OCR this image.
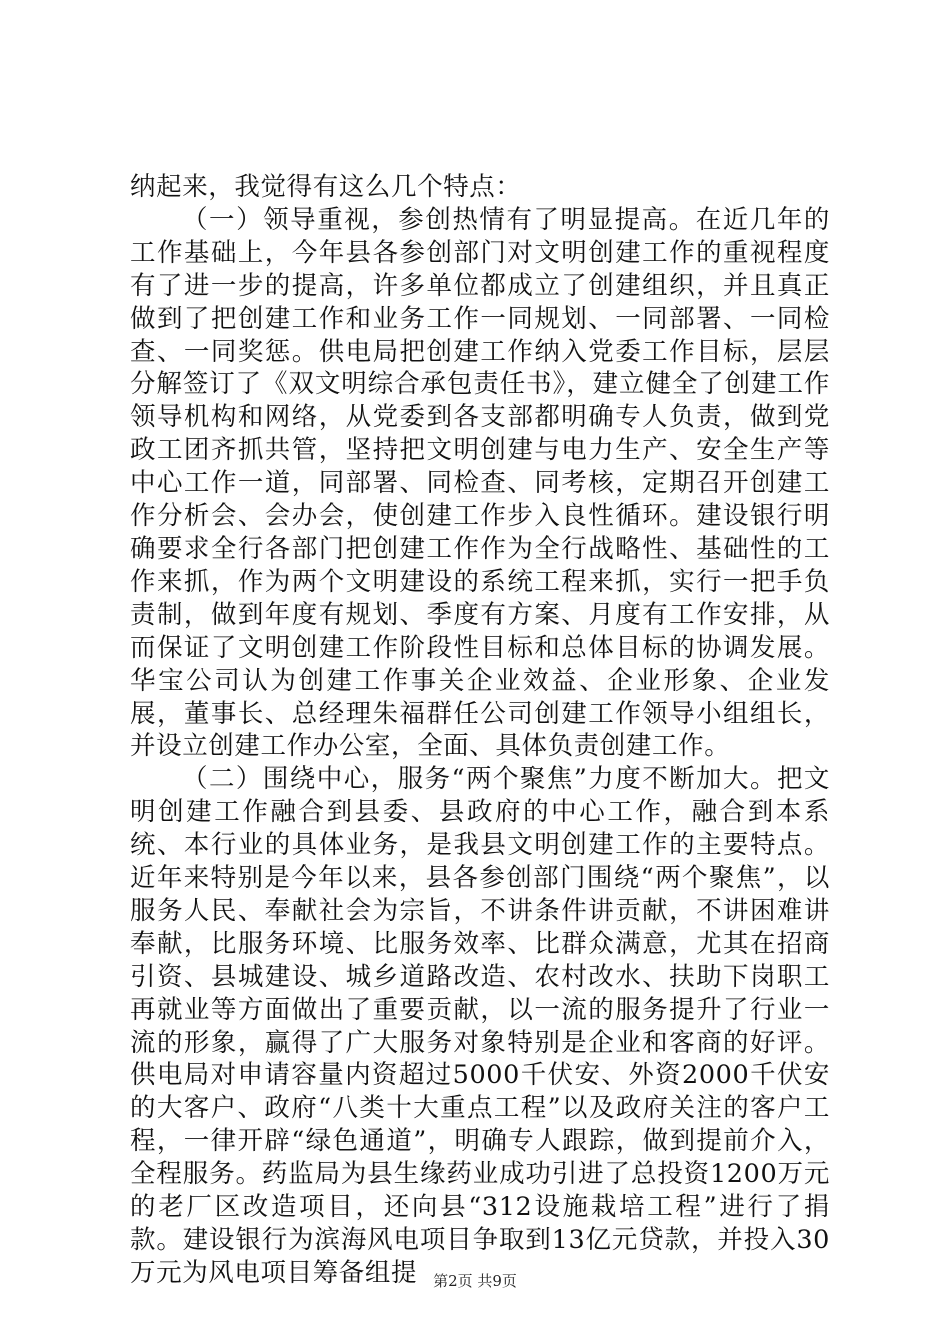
纳起来，我觉得有这么几个特点：

（一）领导重视，参创热情有了明显提高。在近几年的工作基础上，今年县各参创部门对文明创建工作的重视程度有了进一步的提高，许多单位都成立了创建组织，并且真正做到了把创建工作和业务工作一同规划、一同部署、一同检查、一同奖惩。供电局把创建工作纳入党委工作目标，层层分解签订了《双文明综合承包责任书》，建立健全了创建工作领导机构和网络，从党委到各支部都明确专人负责，做到党政工团齐抓共管，坚持把文明创建与电力生产、安全生产等中心工作一道，同部署、同检查、同考核，定期召开创建工作分析会、会办会，使创建工作步入良性循环。建设银行明确要求全行各部门把创建工作作为全行战略性、基础性的工作来抓，作为两个文明建设的系统工程来抓，实行一把手负责制，做到年度有规划、季度有方案、月度有工作安排，从而保证了文明创建工作阶段性目标和总体目标的协调发展。华宝公司认为创建工作事关企业效益、企业形象、企业发展，董事长、总经理朱福群任公司创建工作领导小组组长，并设立创建工作办公室，全面、具体负责创建工作。

（二）围绕中心，服务“两个聚焦”力度不断加大。把文明创建工作融合到县委、县政府的中心工作，融合到本系统、本行业的具体业务，是我县文明创建工作的主要特点。近年来特别是今年以来，县各参创部门围绕“两个聚焦”，以服务人民、奉献社会为宗旨，不讲条件讲贡献，不讲困难讲奉献，比服务环境、比服务效率、比群众满意，尤其在招商引资、县城建设、城乡道路改造、农村改水、扶助下岗职工再就业等方面做出了重要贡献，以一流的服务提升了行业一流的形象，赢得了广大服务对象特别是企业和客商的好评。供电局对申请容量内资超过5000千伏安、外资2000千伏安的大客户、政府“八类十大重点工程”以及政府关注的客户工程，一律开辟“绿色通道”，明确专人跟踪，做到提前介入，全程服务。药监局为县生缘药业成功引进了总投资1200万元的老厂区改造项目，还向县“312设施栽培工程”进行了捐款。建设银行为滨海风电项目争取到13亿元贷款，并投入30万元为风电项目筹备组提	第2页 共9页
